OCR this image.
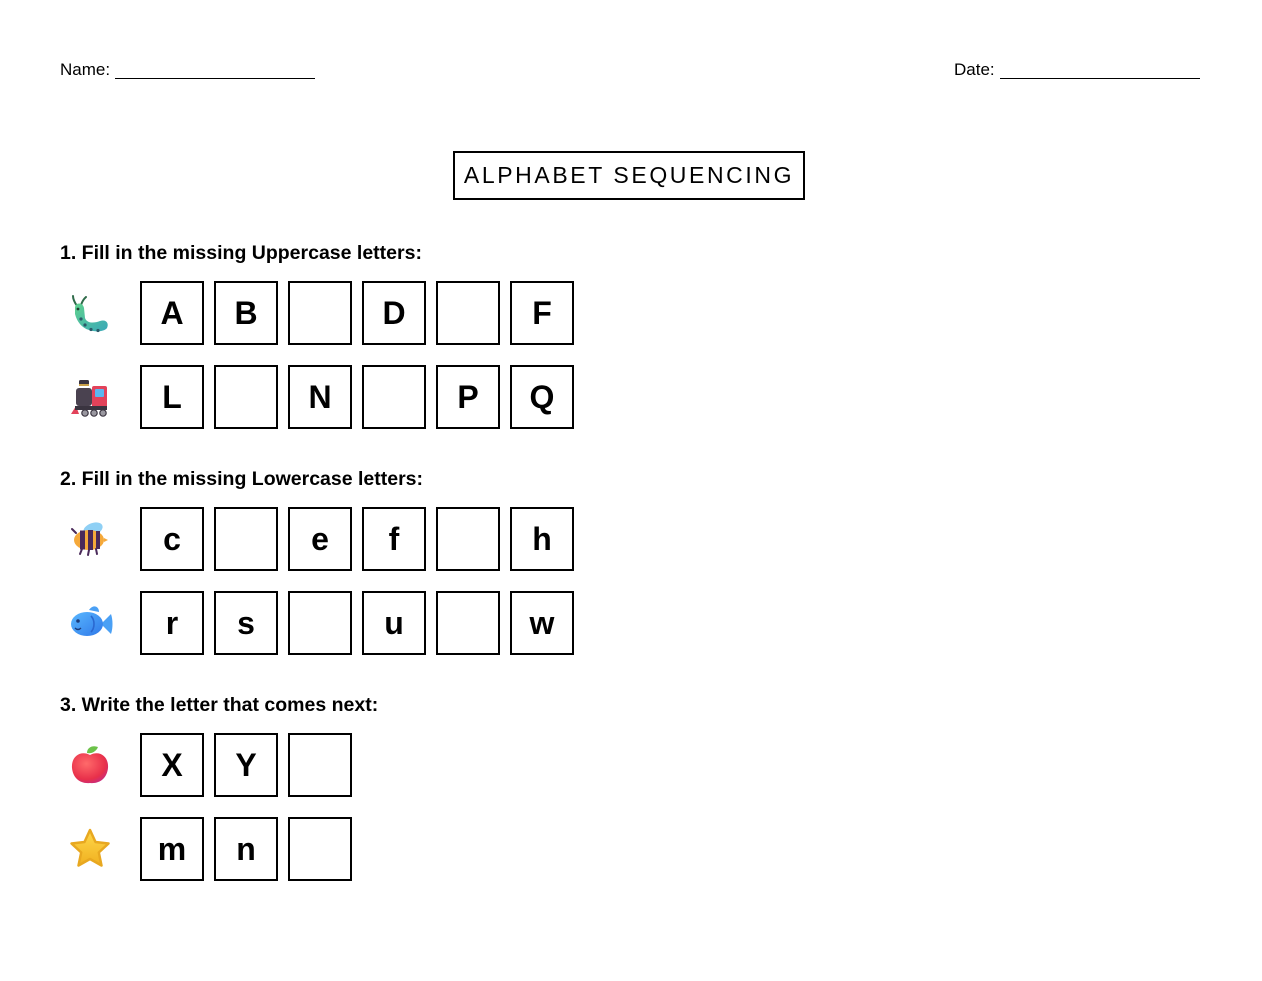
Name:	Date:
ALPHABET SEQUENCING
1. Fill in the missing Uppercase letters:
A	B	D	F
L	N	P	Q
2. Fill in the missing Lowercase letters:
c	e	f	h
r	s	u	w
3. Write the letter that comes next:
X	Y
m	n
